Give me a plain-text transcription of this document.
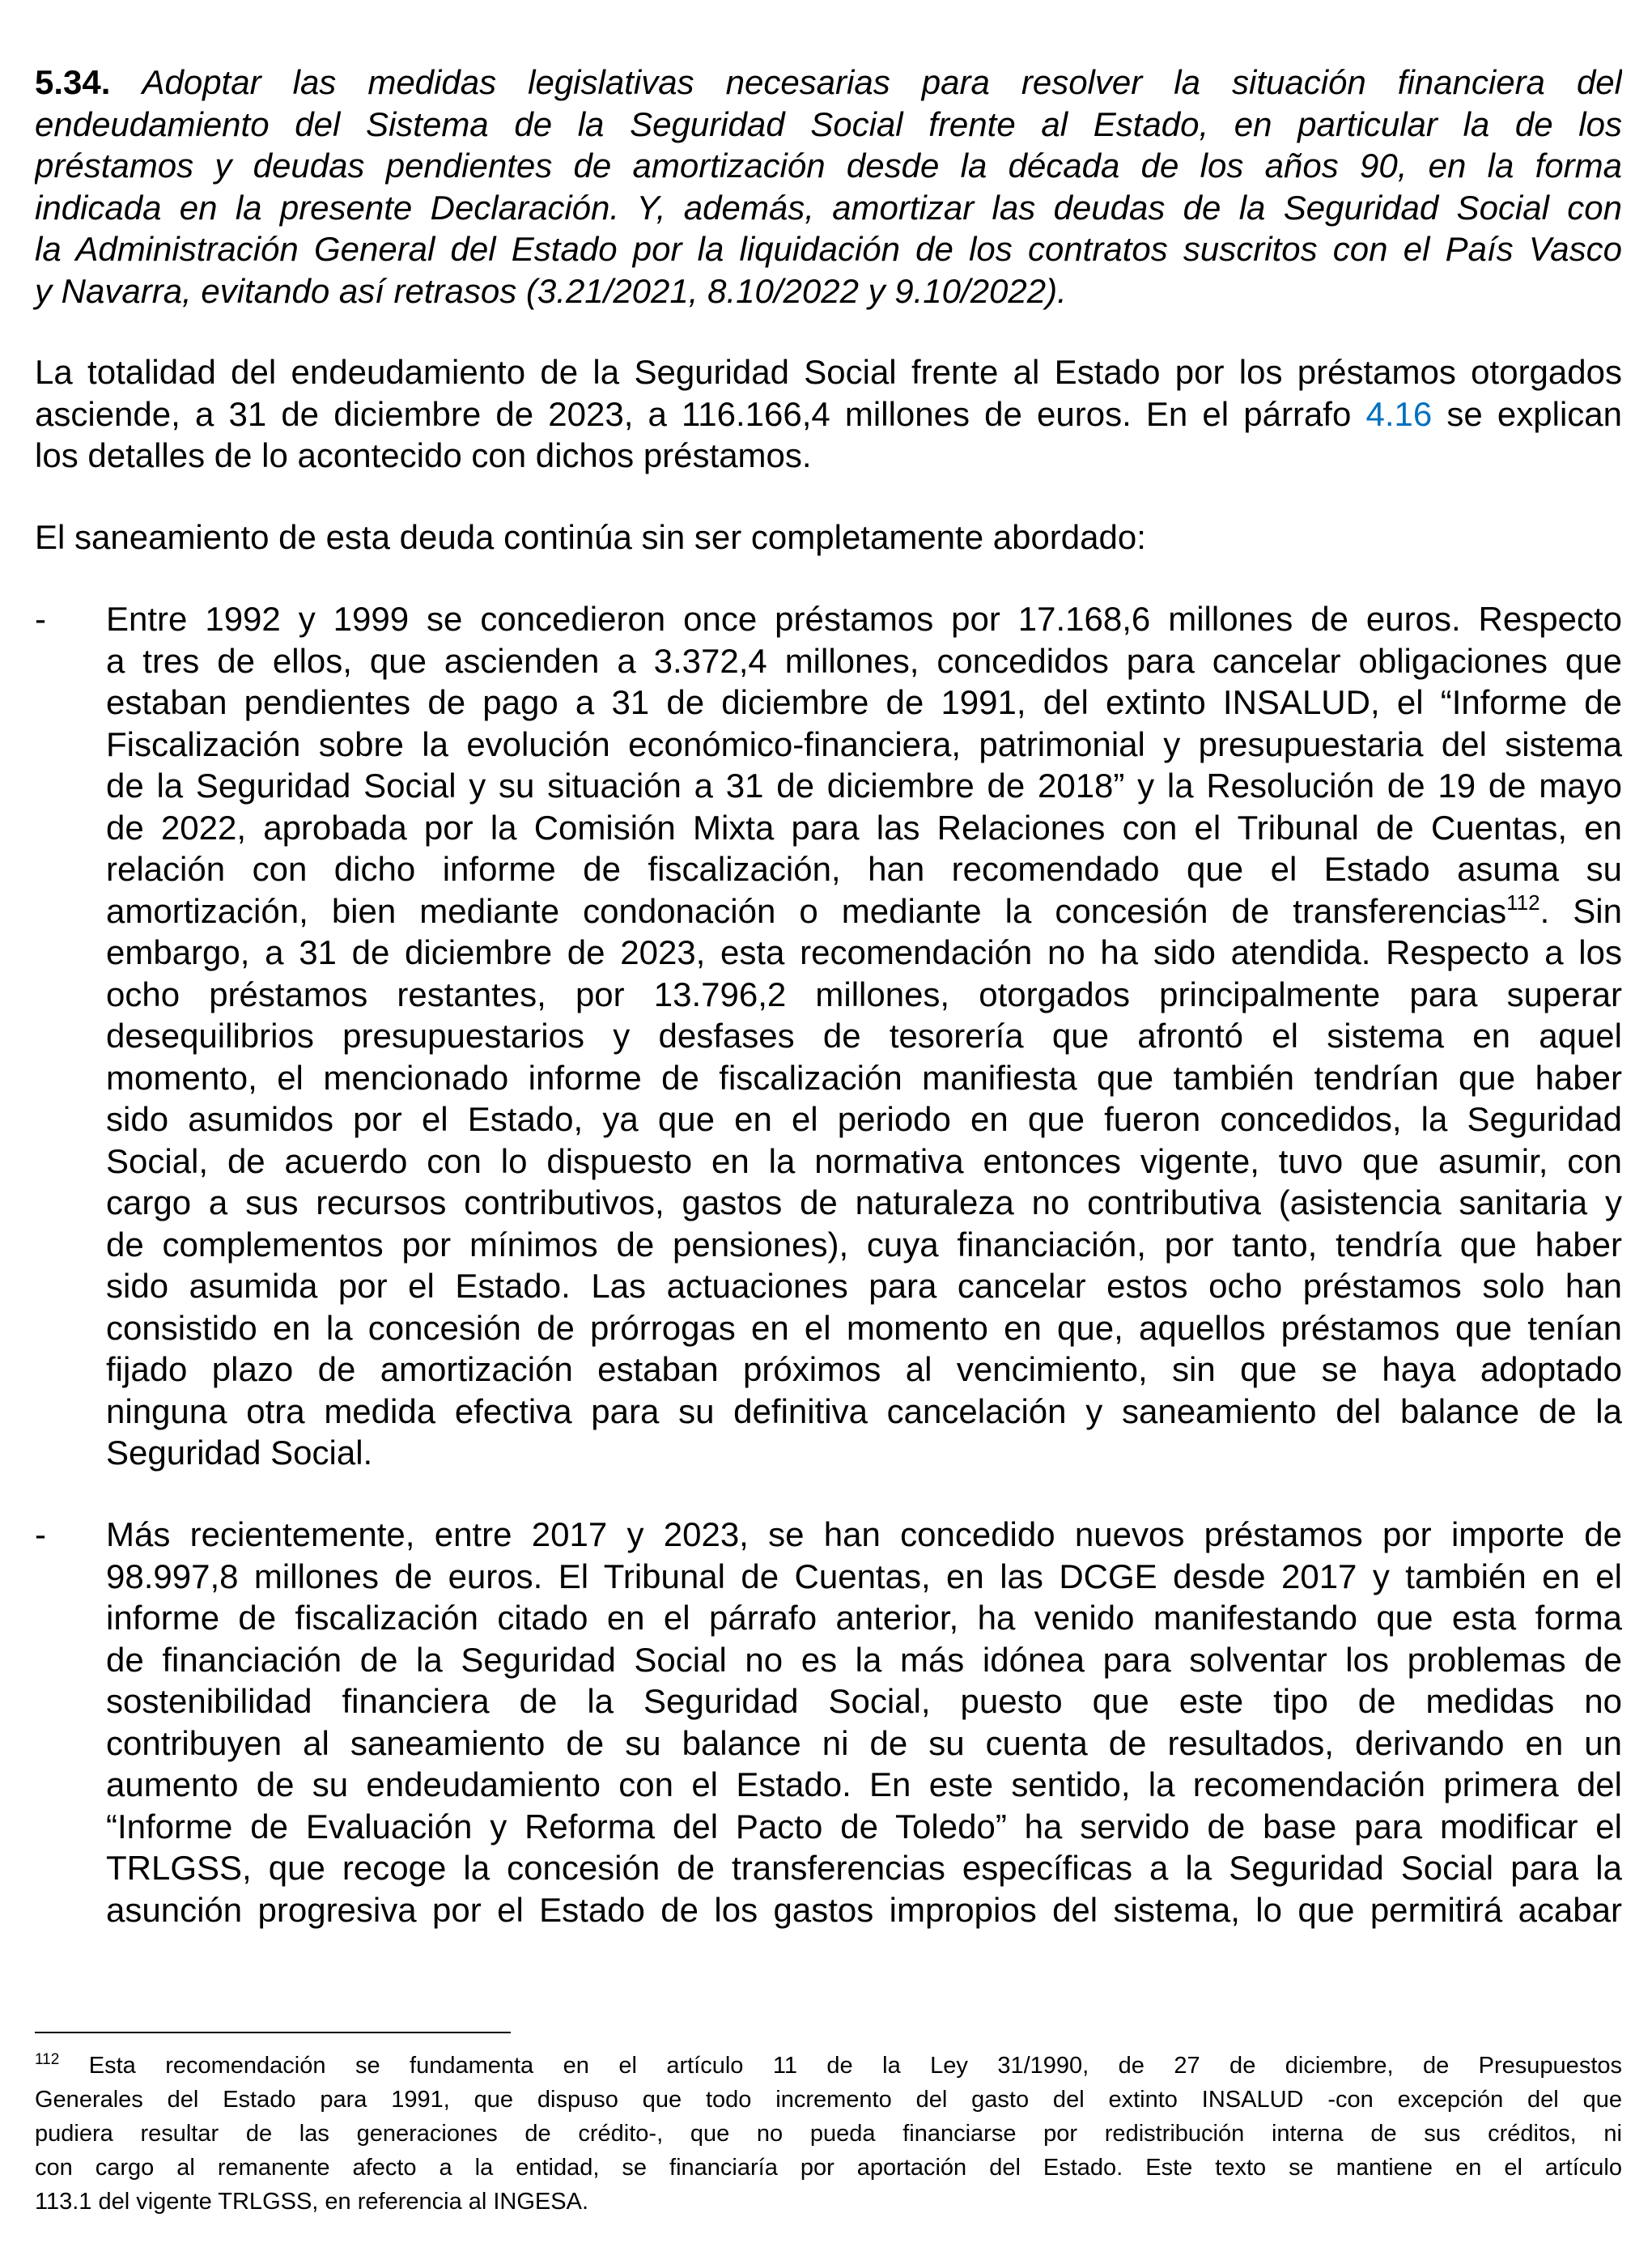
5.34. Adoptar las medidas legislativas necesarias para resolver la situación financiera del
endeudamiento del Sistema de la Seguridad Social frente al Estado, en particular la de los
préstamos y deudas pendientes de amortización desde la década de los años 90, en la forma
indicada en la presente Declaración. Y, además, amortizar las deudas de la Seguridad Social con
la Administración General del Estado por la liquidación de los contratos suscritos con el País Vasco
y Navarra, evitando así retrasos (3.21/2021, 8.10/2022 y 9.10/2022).
La totalidad del endeudamiento de la Seguridad Social frente al Estado por los préstamos otorgados
asciende, a 31 de diciembre de 2023, a 116.166,4 millones de euros. En el párrafo 4.16 se explican
los detalles de lo acontecido con dichos préstamos.
El saneamiento de esta deuda continúa sin ser completamente abordado:
- Entre 1992 y 1999 se concedieron once préstamos por 17.168,6 millones de euros. Respecto
a tres de ellos, que ascienden a 3.372,4 millones, concedidos para cancelar obligaciones que
estaban pendientes de pago a 31 de diciembre de 1991, del extinto INSALUD, el “Informe de
Fiscalización sobre la evolución económico-financiera, patrimonial y presupuestaria del sistema
de la Seguridad Social y su situación a 31 de diciembre de 2018” y la Resolución de 19 de mayo
de 2022, aprobada por la Comisión Mixta para las Relaciones con el Tribunal de Cuentas, en
relación con dicho informe de fiscalización, han recomendado que el Estado asuma su
amortización, bien mediante condonación o mediante la concesión de transferencias$^{112}$. Sin
embargo, a 31 de diciembre de 2023, esta recomendación no ha sido atendida. Respecto a los
ocho préstamos restantes, por 13.796,2 millones, otorgados principalmente para superar
desequilibrios presupuestarios y desfases de tesorería que afrontó el sistema en aquel
momento, el mencionado informe de fiscalización manifiesta que también tendrían que haber
sido asumidos por el Estado, ya que en el periodo en que fueron concedidos, la Seguridad
Social, de acuerdo con lo dispuesto en la normativa entonces vigente, tuvo que asumir, con
cargo a sus recursos contributivos, gastos de naturaleza no contributiva (asistencia sanitaria y
de complementos por mínimos de pensiones), cuya financiación, por tanto, tendría que haber
sido asumida por el Estado. Las actuaciones para cancelar estos ocho préstamos solo han
consistido en la concesión de prórrogas en el momento en que, aquellos préstamos que tenían
fijado plazo de amortización estaban próximos al vencimiento, sin que se haya adoptado
ninguna otra medida efectiva para su definitiva cancelación y saneamiento del balance de la
Seguridad Social.
- Más recientemente, entre 2017 y 2023, se han concedido nuevos préstamos por importe de
98.997,8 millones de euros. El Tribunal de Cuentas, en las DCGE desde 2017 y también en el
informe de fiscalización citado en el párrafo anterior, ha venido manifestando que esta forma
de financiación de la Seguridad Social no es la más idónea para solventar los problemas de
sostenibilidad financiera de la Seguridad Social, puesto que este tipo de medidas no
contribuyen al saneamiento de su balance ni de su cuenta de resultados, derivando en un
aumento de su endeudamiento con el Estado. En este sentido, la recomendación primera del
“Informe de Evaluación y Reforma del Pacto de Toledo” ha servido de base para modificar el
TRLGSS, que recoge la concesión de transferencias específicas a la Seguridad Social para la
asunción progresiva por el Estado de los gastos impropios del sistema, lo que permitirá acabar
$^{112}$ Esta recomendación se fundamenta en el artículo 11 de la Ley 31/1990, de 27 de diciembre, de Presupuestos
Generales del Estado para 1991, que dispuso que todo incremento del gasto del extinto INSALUD -con excepción del que
pudiera resultar de las generaciones de crédito-, que no pueda financiarse por redistribución interna de sus créditos, ni
con cargo al remanente afecto a la entidad, se financiaría por aportación del Estado. Este texto se mantiene en el artículo
113.1 del vigente TRLGSS, en referencia al INGESA.
